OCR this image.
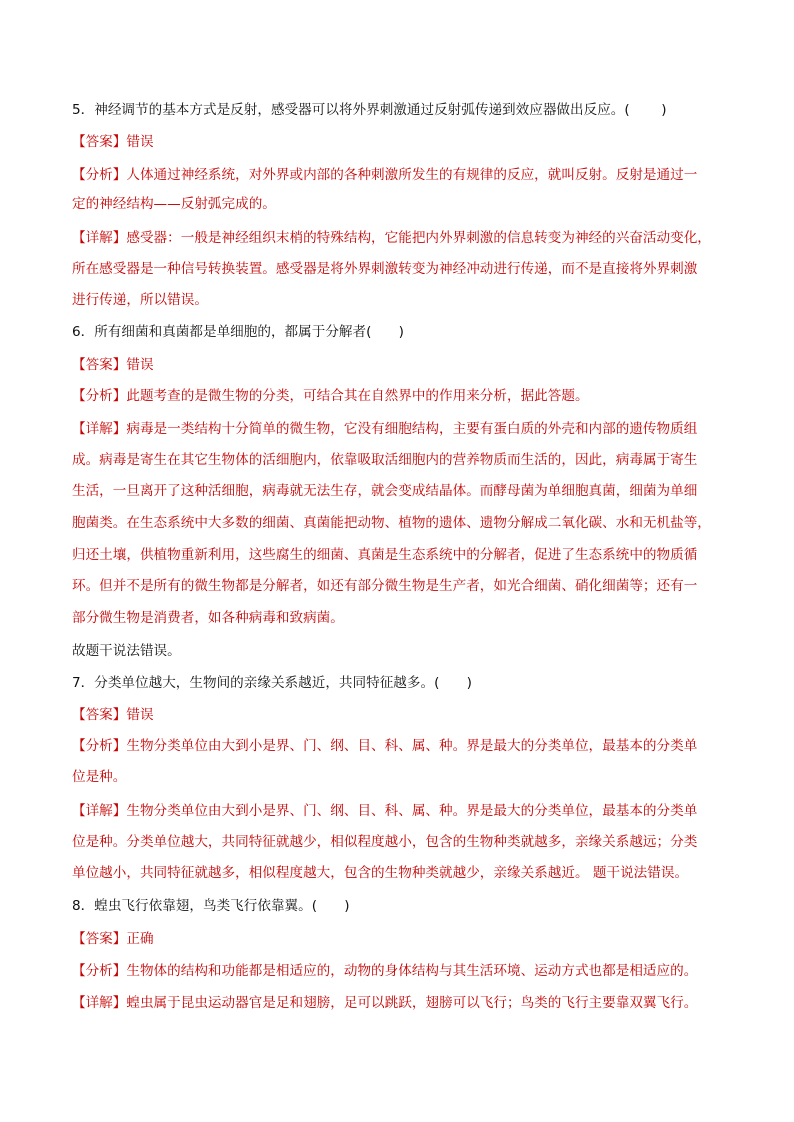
5．神经调节的基本方式是反射，感受器可以将外界刺激通过反射弧传递到效应器做出反应。(　　 )

【答案】错误

【分析】人体通过神经系统，对外界或内部的各种刺激所发生的有规律的反应，就叫反射。反射是通过一

定的神经结构——反射弧完成的。

【详解】感受器：一般是神经组织末梢的特殊结构，它能把内外界刺激的信息转变为神经的兴奋活动变化，

所在感受器是一种信号转换装置。感受器是将外界刺激转变为神经冲动进行传递，而不是直接将外界刺激

进行传递，所以错误。

6．所有细菌和真菌都是单细胞的，都属于分解者(　　)

【答案】错误

【分析】此题考查的是微生物的分类，可结合其在自然界中的作用来分析，据此答题。

【详解】病毒是一类结构十分简单的微生物，它没有细胞结构，主要有蛋白质的外壳和内部的遗传物质组

成。病毒是寄生在其它生物体的活细胞内，依靠吸取活细胞内的营养物质而生活的，因此，病毒属于寄生

生活，一旦离开了这种活细胞，病毒就无法生存，就会变成结晶体。而酵母菌为单细胞真菌，细菌为单细

胞菌类。在生态系统中大多数的细菌、真菌能把动物、植物的遗体、遗物分解成二氧化碳、水和无机盐等，

归还土壤，供植物重新利用，这些腐生的细菌、真菌是生态系统中的分解者，促进了生态系统中的物质循

环。但并不是所有的微生物都是分解者，如还有部分微生物是生产者，如光合细菌、硝化细菌等；还有一

部分微生物是消费者，如各种病毒和致病菌。

故题干说法错误。

7．分类单位越大，生物间的亲缘关系越近，共同特征越多。(　　)

【答案】错误

【分析】生物分类单位由大到小是界、门、纲、目、科、属、种。界是最大的分类单位，最基本的分类单

位是种。

【详解】生物分类单位由大到小是界、门、纲、目、科、属、种。界是最大的分类单位，最基本的分类单

位是种。分类单位越大，共同特征就越少，相似程度越小，包含的生物种类就越多，亲缘关系越远；分类

单位越小，共同特征就越多，相似程度越大，包含的生物种类就越少，亲缘关系越近。 题干说法错误。

8．蝗虫飞行依靠翅，鸟类飞行依靠翼。(　　)

【答案】正确

【分析】生物体的结构和功能都是相适应的，动物的身体结构与其生活环境、运动方式也都是相适应的。

【详解】蝗虫属于昆虫运动器官是足和翅膀，足可以跳跃，翅膀可以飞行；鸟类的飞行主要靠双翼飞行。
